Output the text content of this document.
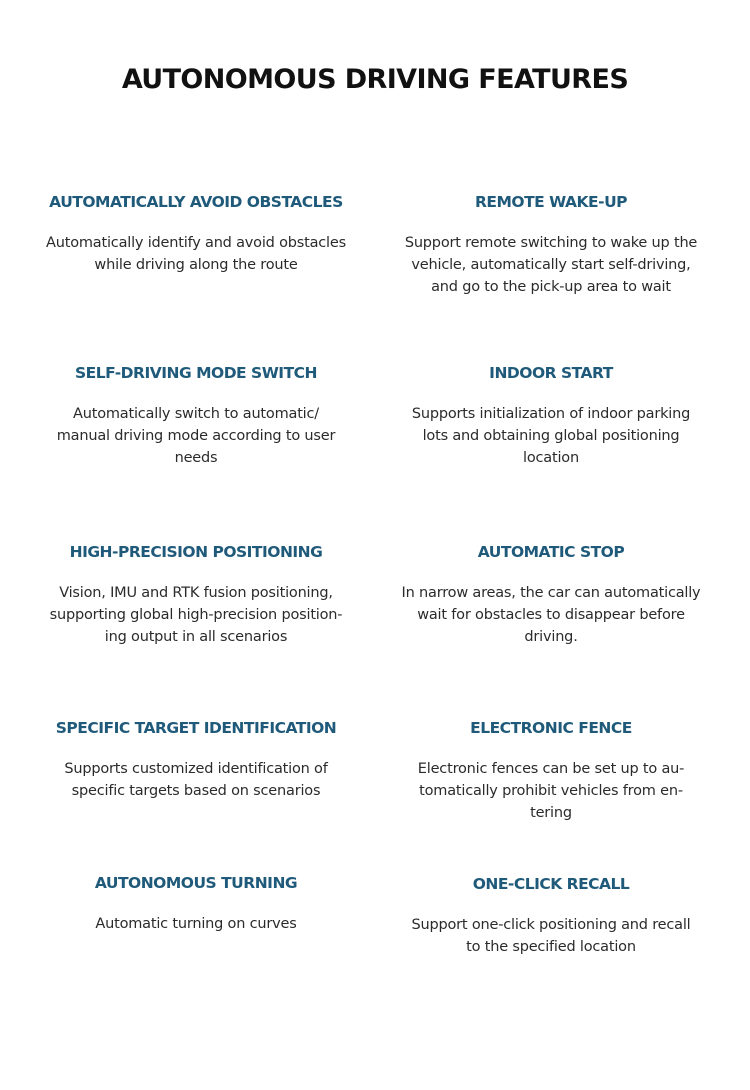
AUTONOMOUS DRIVING FEATURES
AUTOMATICALLY AVOID OBSTACLES
Automatically identify and avoid obstacles
while driving along the route
REMOTE WAKE-UP
Support remote switching to wake up the
vehicle, automatically start self-driving,
and go to the pick-up area to wait
SELF-DRIVING MODE SWITCH
Automatically switch to automatic/
manual driving mode according to user
needs
INDOOR START
Supports initialization of indoor parking
lots and obtaining global positioning
location
HIGH-PRECISION POSITIONING
Vision, IMU and RTK fusion positioning,
supporting global high-precision position-
ing output in all scenarios
AUTOMATIC STOP
In narrow areas, the car can automatically
wait for obstacles to disappear before
driving.
SPECIFIC TARGET IDENTIFICATION
Supports customized identification of
specific targets based on scenarios
ELECTRONIC FENCE
Electronic fences can be set up to au-
tomatically prohibit vehicles from en-
tering
AUTONOMOUS TURNING
Automatic turning on curves
ONE-CLICK RECALL
Support one-click positioning and recall
to the specified location
